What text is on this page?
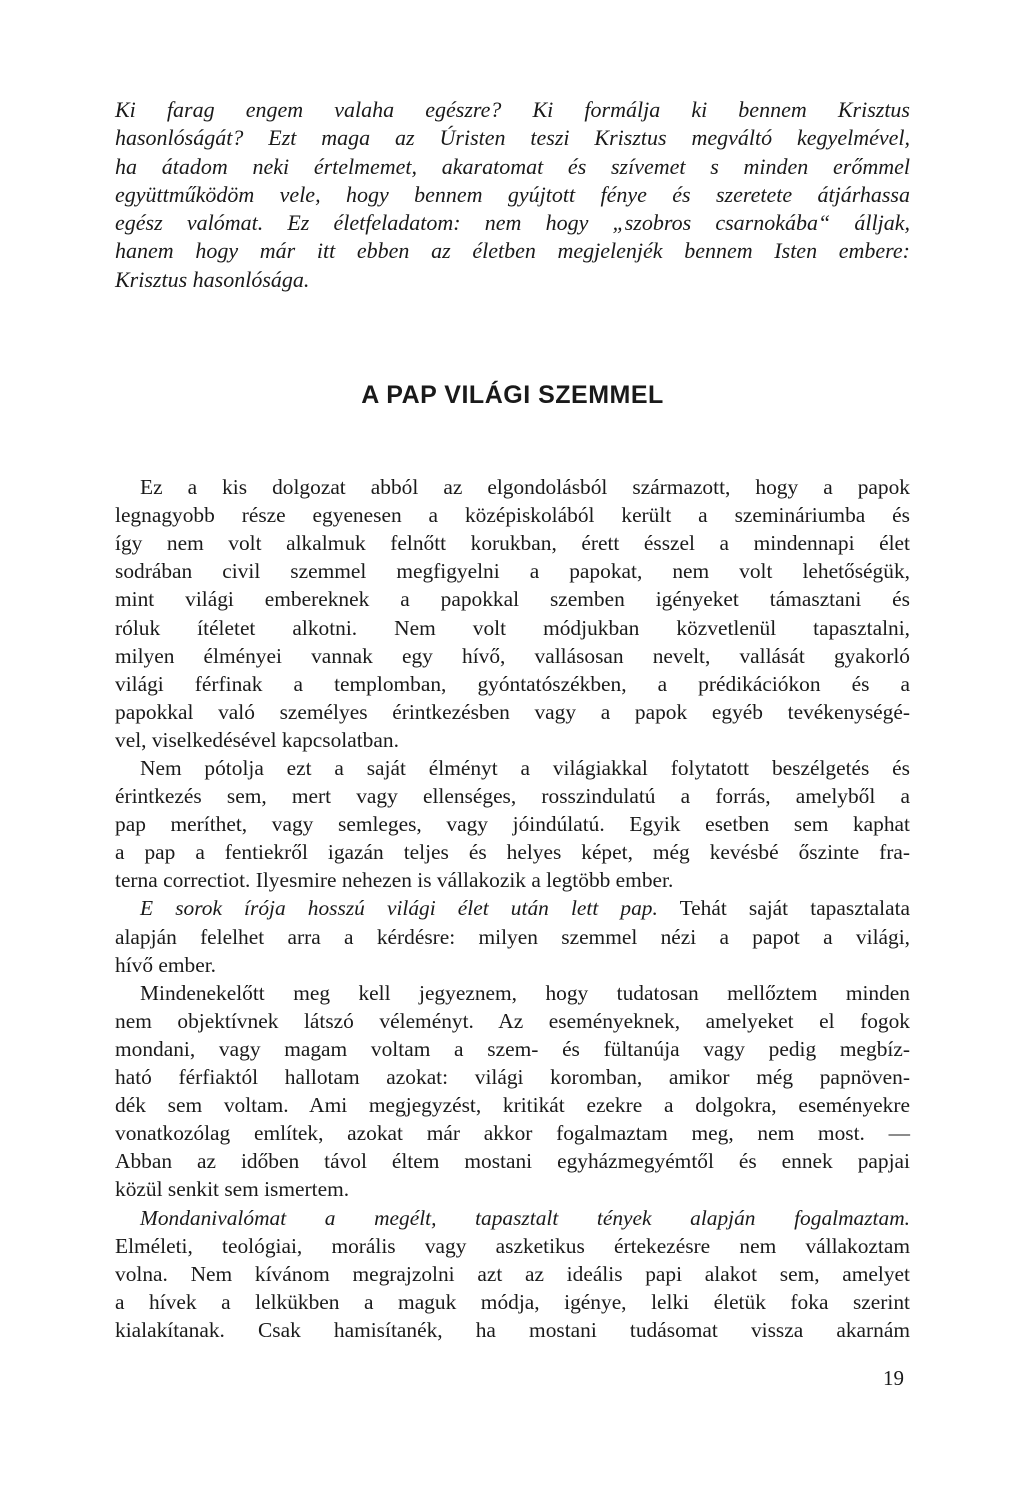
Ki farag engem valaha egészre? Ki formálja ki bennem Krisztus
hasonlóságát? Ezt maga az Úristen teszi Krisztus megváltó kegyelmével,
ha átadom neki értelmemet, akaratomat és szívemet s minden erőmmel
együttműködöm vele, hogy bennem gyújtott fénye és szeretete átjárhassa
egész valómat. Ez életfeladatom: nem hogy „szobros csarnokába“ álljak,
hanem hogy már itt ebben az életben megjelenjék bennem Isten embere:
Krisztus hasonlósága.
A PAP VILÁGI SZEMMEL
Ez a kis dolgozat abból az elgondolásból származott, hogy a papok
legnagyobb része egyenesen a középiskolából került a szemináriumba és
így nem volt alkalmuk felnőtt korukban, érett ésszel a mindennapi élet
sodrában civil szemmel megfigyelni a papokat, nem volt lehetőségük,
mint világi embereknek a papokkal szemben igényeket támasztani és
róluk ítéletet alkotni. Nem volt módjukban közvetlenül tapasztalni,
milyen élményei vannak egy hívő, vallásosan nevelt, vallását gyakorló
világi férfinak a templomban, gyóntatószékben, a prédikációkon és a
papokkal való személyes érintkezésben vagy a papok egyéb tevékenységé-
vel, viselkedésével kapcsolatban.
Nem pótolja ezt a saját élményt a világiakkal folytatott beszélgetés és
érintkezés sem, mert vagy ellenséges, rosszindulatú a forrás, amelyből a
pap meríthet, vagy semleges, vagy jóindúlatú. Egyik esetben sem kaphat
a pap a fentiekről igazán teljes és helyes képet, még kevésbé őszinte fra-
terna correctiot. Ilyesmire nehezen is vállakozik a legtöbb ember.
E sorok írója hosszú világi élet után lett pap. Tehát saját tapasztalata
alapján felelhet arra a kérdésre: milyen szemmel nézi a papot a világi,
hívő ember.
Mindenekelőtt meg kell jegyeznem, hogy tudatosan mellőztem minden
nem objektívnek látszó véleményt. Az eseményeknek, amelyeket el fogok
mondani, vagy magam voltam a szem- és fültanúja vagy pedig megbíz-
ható férfiaktól hallotam azokat: világi koromban, amikor még papnöven-
dék sem voltam. Ami megjegyzést, kritikát ezekre a dolgokra, eseményekre
vonatkozólag említek, azokat már akkor fogalmaztam meg, nem most. —
Abban az időben távol éltem mostani egyházmegyémtől és ennek papjai
közül senkit sem ismertem.
Mondanivalómat a megélt, tapasztalt tények alapján fogalmaztam.
Elméleti, teológiai, morális vagy aszketikus értekezésre nem vállakoztam
volna. Nem kívánom megrajzolni azt az ideális papi alakot sem, amelyet
a hívek a lelkükben a maguk módja, igénye, lelki életük foka szerint
kialakítanak. Csak hamisítanék, ha mostani tudásomat vissza akarnám
19
